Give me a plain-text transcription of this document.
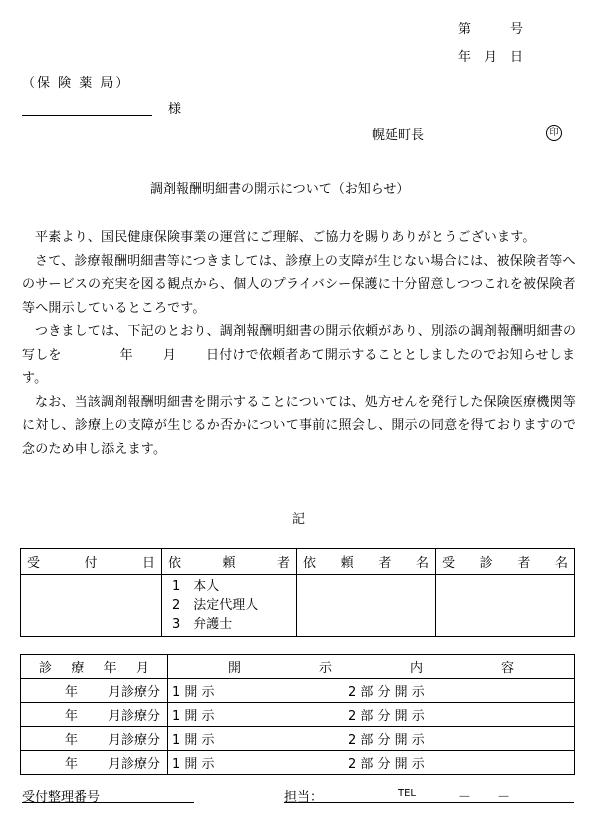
第　　　号
年　月　日
（保 険 薬 局）
様
幌延町長	印
調剤報酬明細書の開示について（お知らせ）

平素より、国民健康保険事業の運営にご理解、ご協力を賜りありがとうございます。

さて、診療報酬明細書等につきましては、診療上の支障が生じない場合には、被保険者等へのサービスの充実を図る観点から、個人のプライバシー保護に十分留意しつつこれを被保険者等へ開示しているところです。

つきましては、下記のとおり、調剤報酬明細書の開示依頼があり、別添の調剤報酬明細書の写しを	年 月 日付けで依頼者あて開示することとしましたのでお知らせします。

なお、当該調剤報酬明細書を開示することについては、処方せんを発行した保険医療機関等に対し、診療上の支障が生じるか否かについて事前に照会し、開示の同意を得ておりますので念のため申し添えます。

記
受 付 日	依 頼 者	依 頼 者 名	受 診 者 名

	1　本人
2　法定代理人
3　弁護士		

診 療 年 月	開 示 内 容

年 月診療分	1 開 示 2 部 分 開 示
年 月診療分	1 開 示 2 部 分 開 示
年 月診療分	1 開 示 2 部 分 開 示
年 月診療分	1 開 示 2 部 分 開 示
受付整理番号	担当：	TEL	－　　－
